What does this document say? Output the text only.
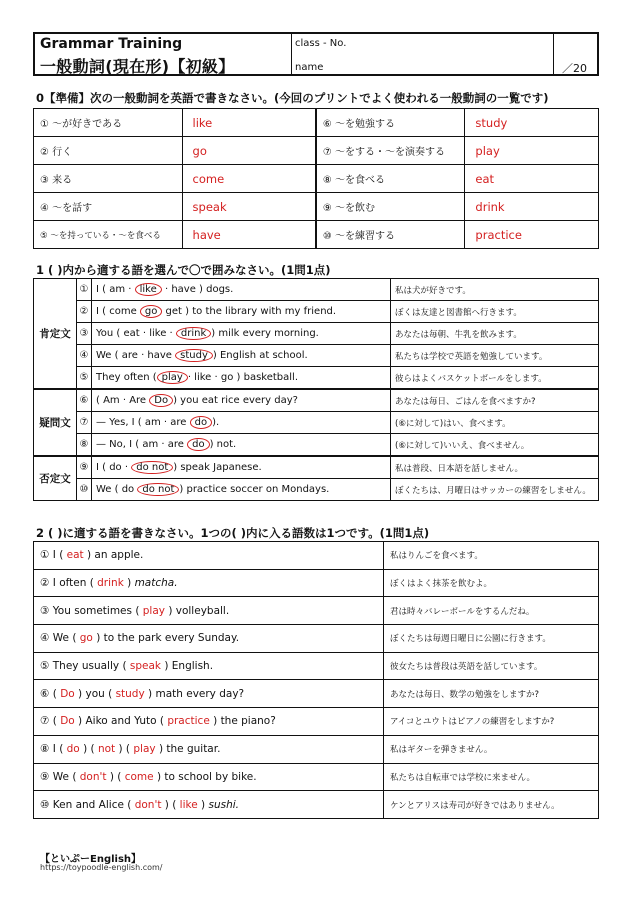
Grammar Training
一般動詞(現在形)【初級】
class - No.
name	／20
0【準備】次の一般動詞を英語で書きなさい。(今回のプリントでよく使われる一般動詞の一覧です)
① ～が好きである	like	⑥ ～を勉強する	study
② 行く	go	⑦ ～をする・～を演奏する	play
③ 来る	come	⑧ ～を食べる	eat
④ ～を話す	speak	⑨ ～を飲む	drink
⑤ ～を持っている・～を食べる	have	⑩ ～を練習する	practice
1 ( )内から適する語を選んで〇で囲みなさい。(1問1点)
肯定文	①	I ( am · like · have ) dogs.	私は犬が好きです。
	②	I ( come go get ) to the library with my friend.	ぼくは友達と図書館へ行きます。
	③	You ( eat · like · drink ) milk every morning.	あなたは毎朝、牛乳を飲みます。
	④	We ( are · have study ) English at school.	私たちは学校で英語を勉強しています。
	⑤	They often ( play · like · go ) basketball.	彼らはよくバスケットボールをします。
疑問文	⑥	( Am · Are Do ) you eat rice every day?	あなたは毎日、ごはんを食べますか?
	⑦	— Yes, I ( am · are do ).	(⑥に対して)はい、食べます。
	⑧	— No, I ( am · are do ) not.	(⑥に対して)いいえ、食べません。
否定文	⑨	I ( do · do not ) speak Japanese.	私は普段、日本語を話しません。
	⑩	We ( do do not ) practice soccer on Mondays.	ぼくたちは、月曜日はサッカーの練習をしません。
2 ( )に適する語を書きなさい。1つの( )内に入る語数は1つです。(1問1点)
① I ( eat ) an apple.	私はりんごを食べます。
② I often ( drink ) matcha.	ぼくはよく抹茶を飲むよ。
③ You sometimes ( play ) volleyball.	君は時々バレーボールをするんだね。
④ We ( go ) to the park every Sunday.	ぼくたちは毎週日曜日に公園に行きます。
⑤ They usually ( speak ) English.	彼女たちは普段は英語を話しています。
⑥ ( Do ) you ( study ) math every day?	あなたは毎日、数学の勉強をしますか?
⑦ ( Do ) Aiko and Yuto ( practice ) the piano?	アイコとユウトはピアノの練習をしますか?
⑧ I ( do ) ( not ) ( play ) the guitar.	私はギターを弾きません。
⑨ We ( don't ) ( come ) to school by bike.	私たちは自転車では学校に来ません。
⑩ Ken and Alice ( don't ) ( like ) sushi.	ケンとアリスは寿司が好きではありません。
【といぷーEnglish】
https://toypoodle-english.com/
